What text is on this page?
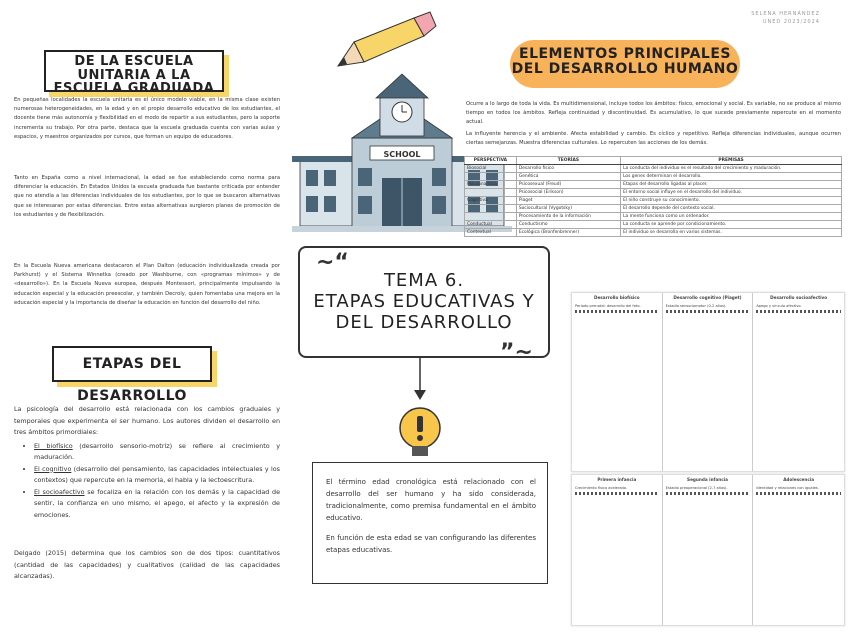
SELENA HERNÁNDEZ
UNED 2023/2024
DE LA ESCUELA UNITARIA A LA ESCUELA GRADUADA
En pequeñas localidades la escuela unitaria es el único modelo viable, en la misma clase existen numerosas heterogeneidades, en la edad y en el propio desarrollo educativo de los estudiantes, el docente tiene más autonomía y flexibilidad en el modo de repartir a sus estudiantes, pero la soporte incrementa su trabajo. Por otra parte, destaca que la escuela graduada cuenta con varias aulas y espacios, y maestros organizados por cursos, que forman un equipo de educadores.
Tanto en España como a nivel internacional, la edad se fue estableciendo como norma para diferenciar la educación. En Estados Unidos la escuela graduada fue bastante criticada por entender que no atendía a las diferencias individuales de los estudiantes, por lo que se buscaron alternativas que se interesaran por estas diferencias. Entre estas alternativas surgieron planes de promoción de los estudiantes y de flexibilización.
En la Escuela Nueva americana destacaron el Plan Dalton (educación individualizada creada por Parkhurst) y el Sistema Winnetka (creado por Washburne, con «programas mínimos» y de «desarrollo»). En la Escuela Nueva europea, después Montessori, principalmente impulsando la educación especial y la educación preescolar, y también Decroly, quien fomentaba una mejora en la educación especial y la importancia de diseñar la educación en función del desarrollo del niño.
ETAPAS DEL DESARROLLO
La psicología del desarrollo está relacionada con los cambios graduales y temporales que experimenta el ser humano. Los autores dividen el desarrollo en tres ámbitos primordiales:
• El biofísico (desarrollo sensorio-motriz) se refiere al crecimiento y maduración.
• El cognitivo (desarrollo del pensamiento, las capacidades intelectuales y los contextos) que repercute en la memoria, el habla y la lectoescritura.
• El socioafectivo se focaliza en la relación con los demás y la capacidad de sentir, la confianza en uno mismo, el apego, el afecto y la expresión de emociones.
Delgado (2015) determina que los cambios son de dos tipos: cuantitativos (cantidad de las capacidades) y cualitativos (calidad de las capacidades alcanzadas).
SCHOOL
~“
”~
TEMA 6.
ETAPAS EDUCATIVAS Y
DEL DESARROLLO

El término edad cronológica está relacionado con el desarrollo del ser humano y ha sido considerada, tradicionalmente, como premisa fundamental en el ámbito educativo.

En función de esta edad se van configurando las diferentes etapas educativas.

ELEMENTOS PRINCIPALES DEL DESARROLLO HUMANO
Ocurre a lo largo de toda la vida. Es multidimensional, incluye todos los ámbitos: físico, emocional y social. Es variable, no se produce al mismo tiempo en todos los ámbitos. Refleja continuidad y discontinuidad. Es acumulativo, lo que sucede previamente repercute en el momento actual.
La influyente herencia y el ambiente. Afecta estabilidad y cambio. Es cíclico y repetitivo. Refleja diferencias individuales, aunque ocurren ciertas semejanzas. Muestra diferencias culturales. Lo repercuten las acciones de los demás.
PERSPECTIVA	TEORÍAS	PREMISAS
Biosocial	Desarrollo físico	La conducta del individuo es el resultado del crecimiento y maduración.
	Genética	Los genes determinan el desarrollo.
Psicoanalítica	Psicosexual (Freud)	Etapas del desarrollo ligadas al placer.
	Psicosocial (Erikson)	El entorno social influye en el desarrollo del individuo.
Cognitiva	Piaget	El niño construye su conocimiento.
	Sociocultural (Vygotsky)	El desarrollo depende del contexto social.
	Procesamiento de la información	La mente funciona como un ordenador.
Conductual	Conductismo	La conducta se aprende por condicionamiento.
Contextual	Ecológica (Bronfenbrenner)	El individuo se desarrolla en varios sistemas.
Desarrollo biofísico
Periodo prenatal: desarrollo del feto.
Desarrollo cognitivo (Piaget)
Estadio sensoriomotor (0-2 años).
Desarrollo socioafectivo
Apego y vínculo afectivo.
Primera infancia
Crecimiento físico acelerado.
Segunda infancia
Estadio preoperacional (2-7 años).
Adolescencia
Identidad y relaciones con iguales.
